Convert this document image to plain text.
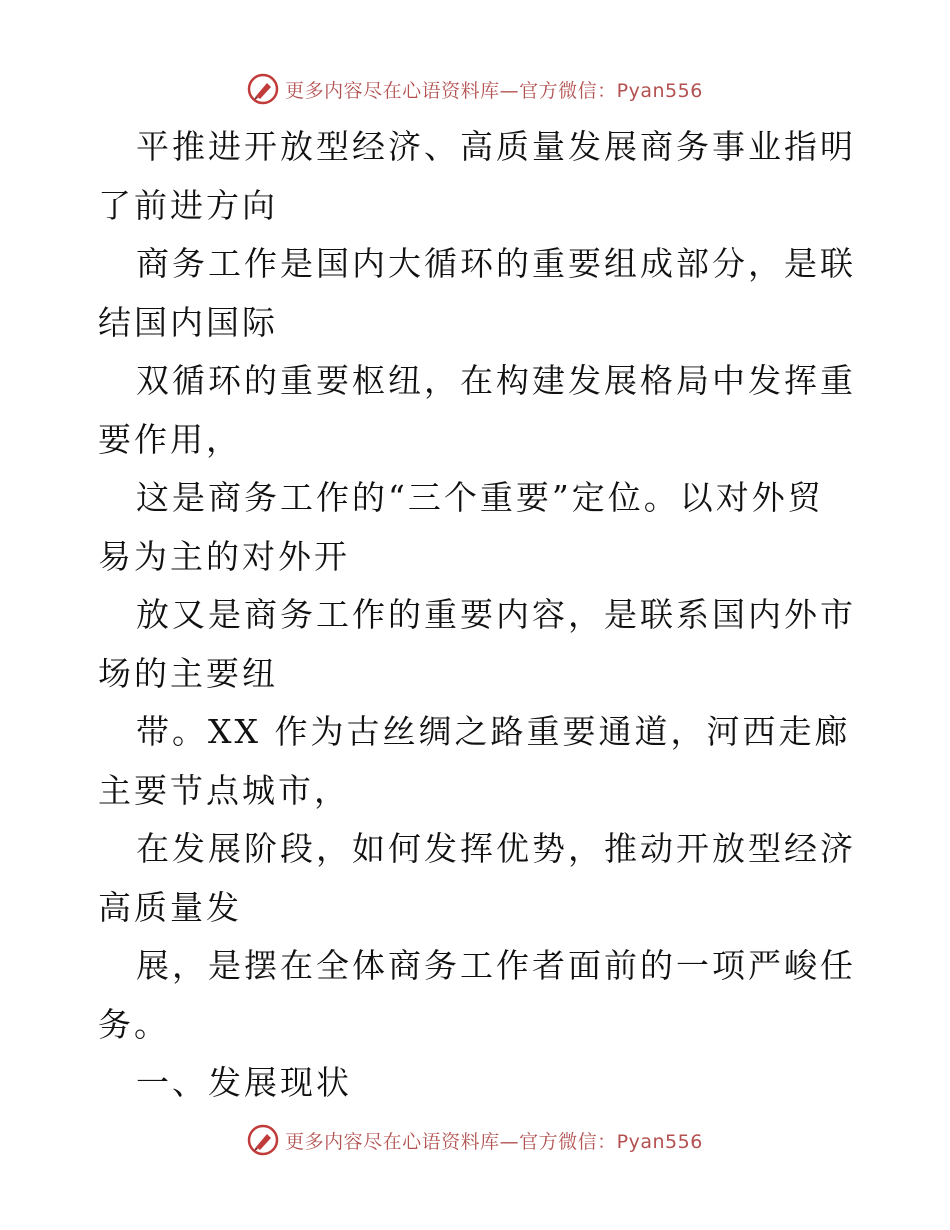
更多内容尽在心语资料库—官方微信：Pyan556

平推进开放型经济、高质量发展商务事业指明了前进方向

商务工作是国内大循环的重要组成部分，是联结国内国际

双循环的重要枢纽，在构建发展格局中发挥重要作用，

这是商务工作的“三个重要”定位。以对外贸易为主的对外开

放又是商务工作的重要内容，是联系国内外市场的主要纽

带。XX 作为古丝绸之路重要通道，河西走廊主要节点城市，

在发展阶段，如何发挥优势，推动开放型经济高质量发

展，是摆在全体商务工作者面前的一项严峻任务。

一、发展现状

更多内容尽在心语资料库—官方微信：Pyan556
